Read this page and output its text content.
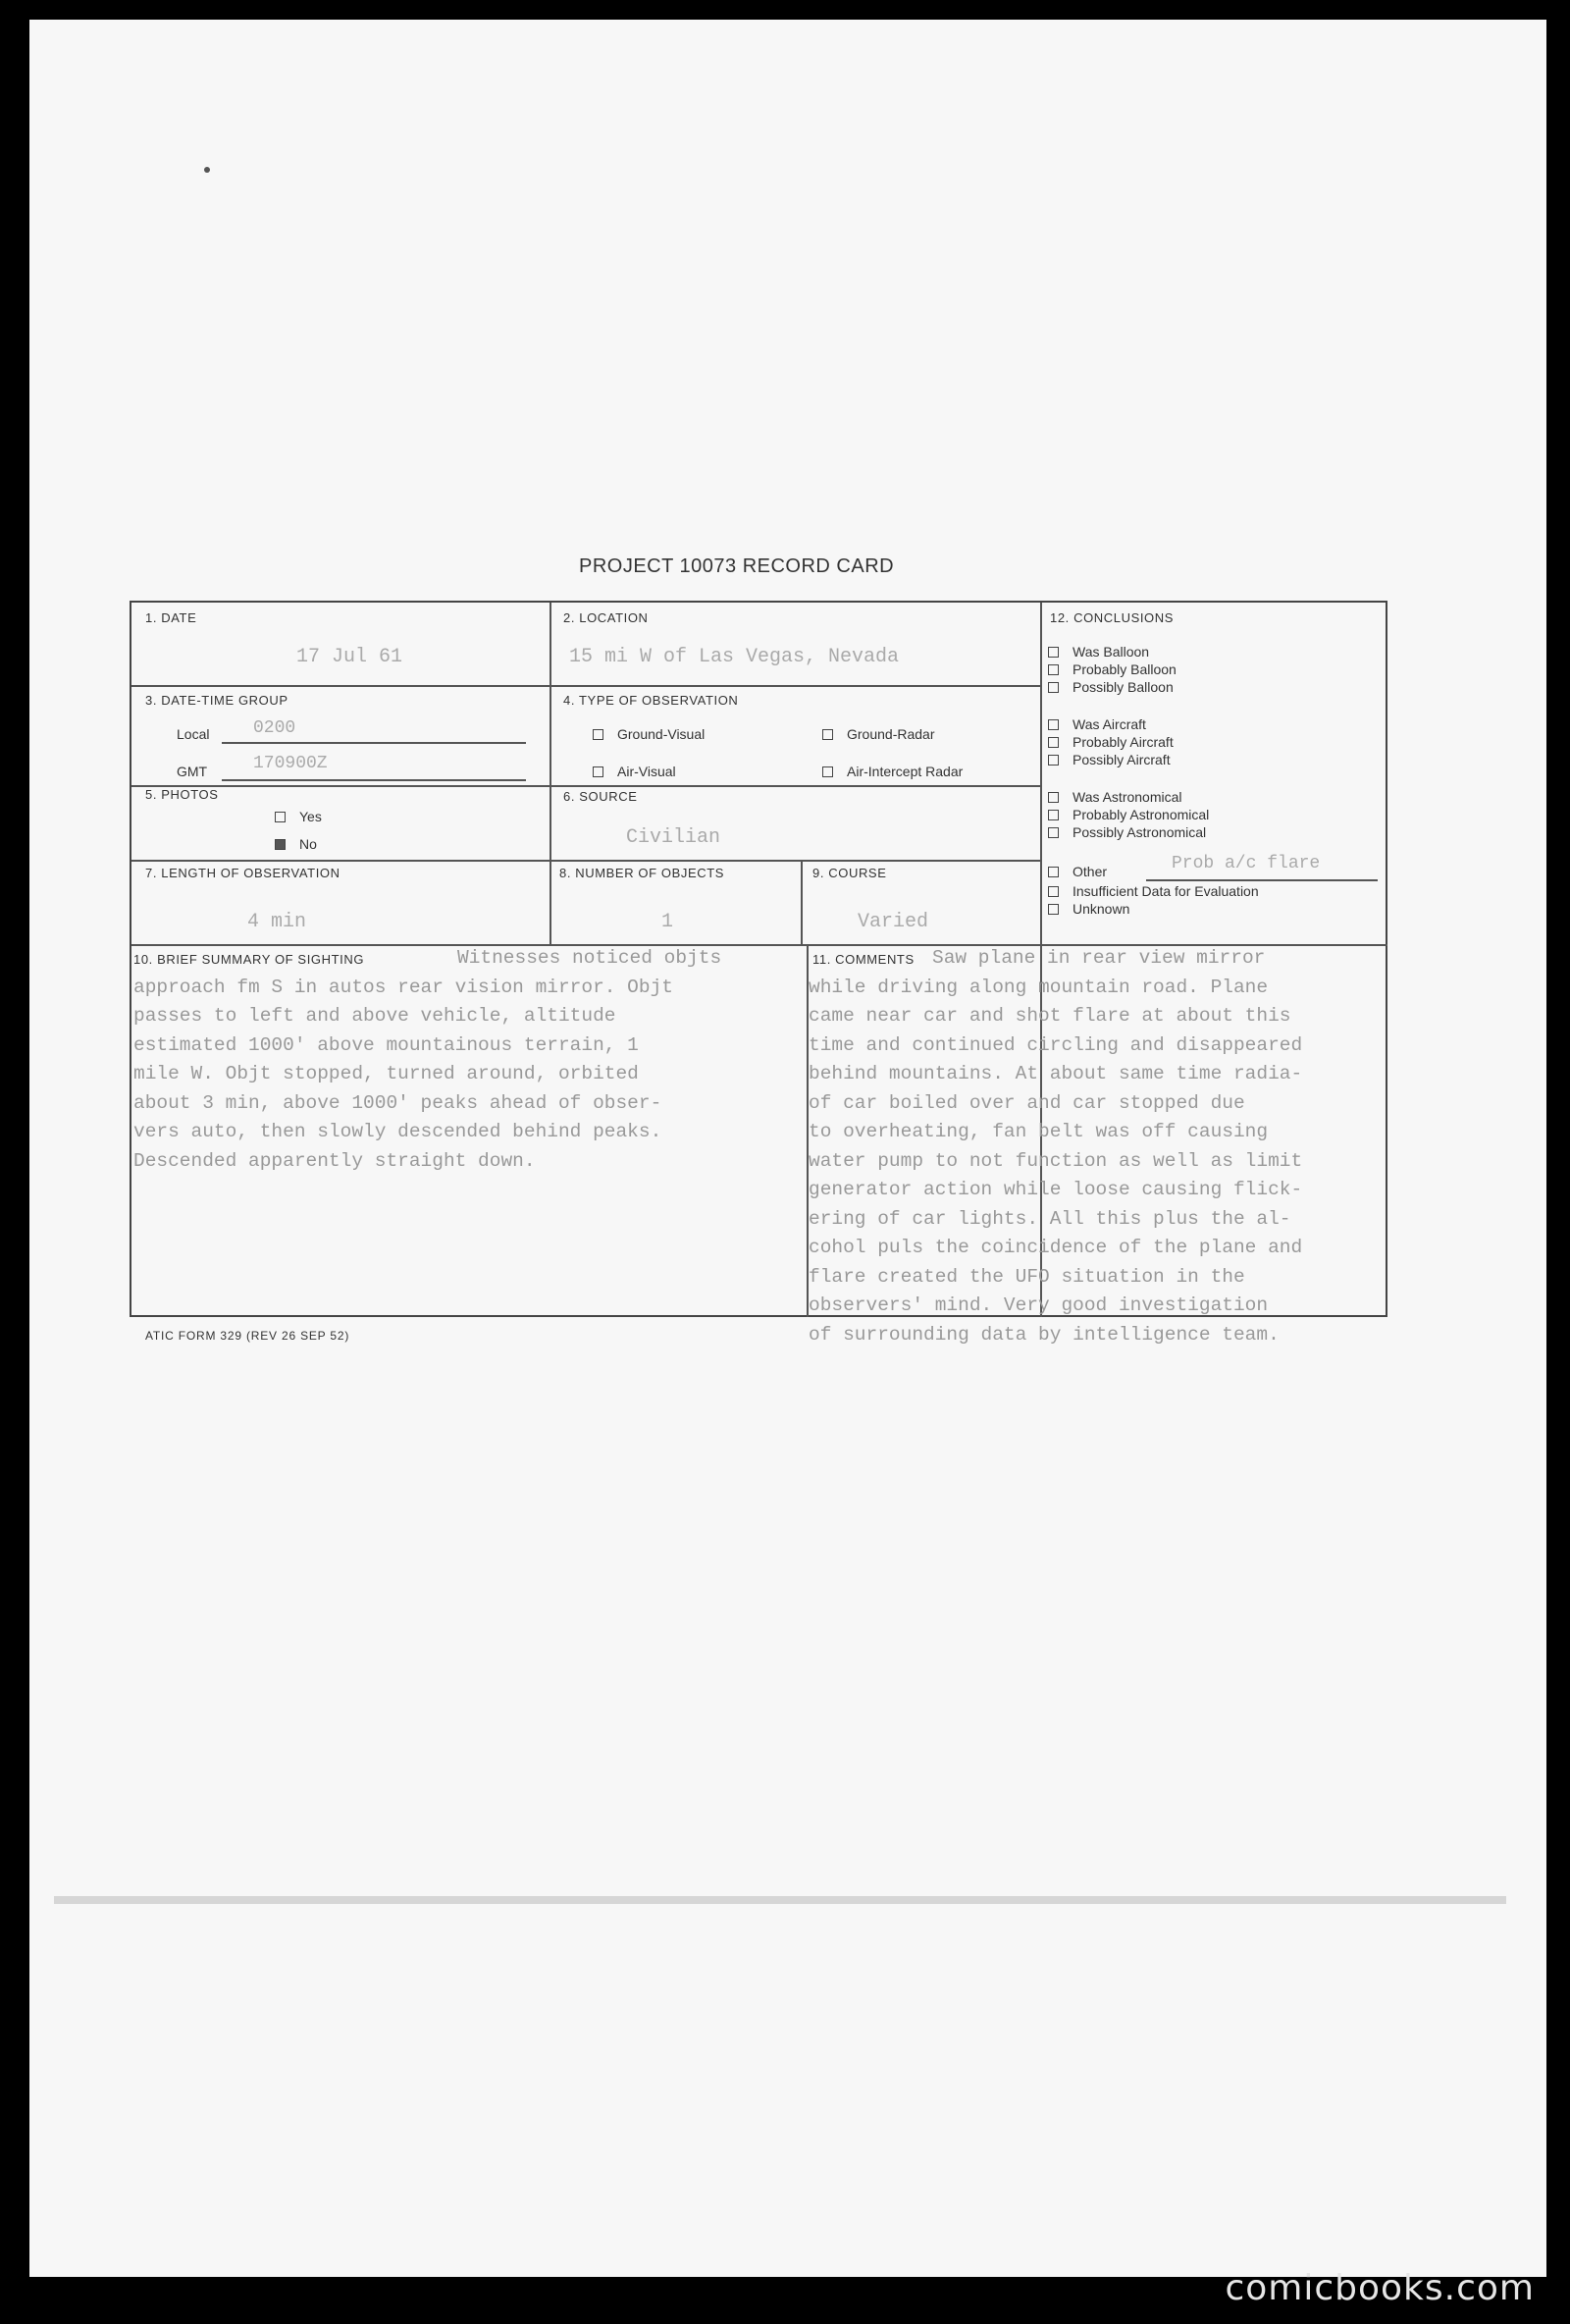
PROJECT 10073 RECORD CARD
1. DATE
17 Jul 61
2. LOCATION
15 mi W of Las Vegas, Nevada
3. DATE-TIME GROUP
Local 0200
GMT	170900Z
4. TYPE OF OBSERVATION
Ground-Visual	Ground-Radar
Air-Visual	Air-Intercept Radar
5. PHOTOS
Yes
No
6. SOURCE
Civilian
7. LENGTH OF OBSERVATION
4 min
8. NUMBER OF OBJECTS
1
9. COURSE
Varied
10. BRIEF SUMMARY OF SIGHTING	Witnesses noticed objts
approach fm S in autos rear vision mirror. Objt
passes to left and above vehicle, altitude
estimated 1000' above mountainous terrain, 1
mile W. Objt stopped, turned around, orbited
about 3 min, above 1000' peaks ahead of obser-
vers auto, then slowly descended behind peaks.
Descended apparently straight down.
11. COMMENTS Saw plane in rear view mirror
while driving along mountain road. Plane
came near car and shot flare at about this
time and continued circling and disappeared
behind mountains. At about same time radia-
of car boiled over and car stopped due
to overheating, fan belt was off causing
water pump to not function as well as limit
generator action while loose causing flick-
ering of car lights. All this plus the al-
cohol puls the coincidence of the plane and
flare created the UFO situation in the
observers' mind. Very good investigation
of surrounding data by intelligence team.
12. CONCLUSIONS
Was Balloon
Probably Balloon
Possibly Balloon
Was Aircraft
Probably Aircraft
Possibly Aircraft
Was Astronomical
Probably Astronomical
Possibly Astronomical
Other	Prob a/c flare
Insufficient Data for Evaluation
Unknown
ATIC FORM 329 (REV 26 SEP 52)
comicbooks.com
